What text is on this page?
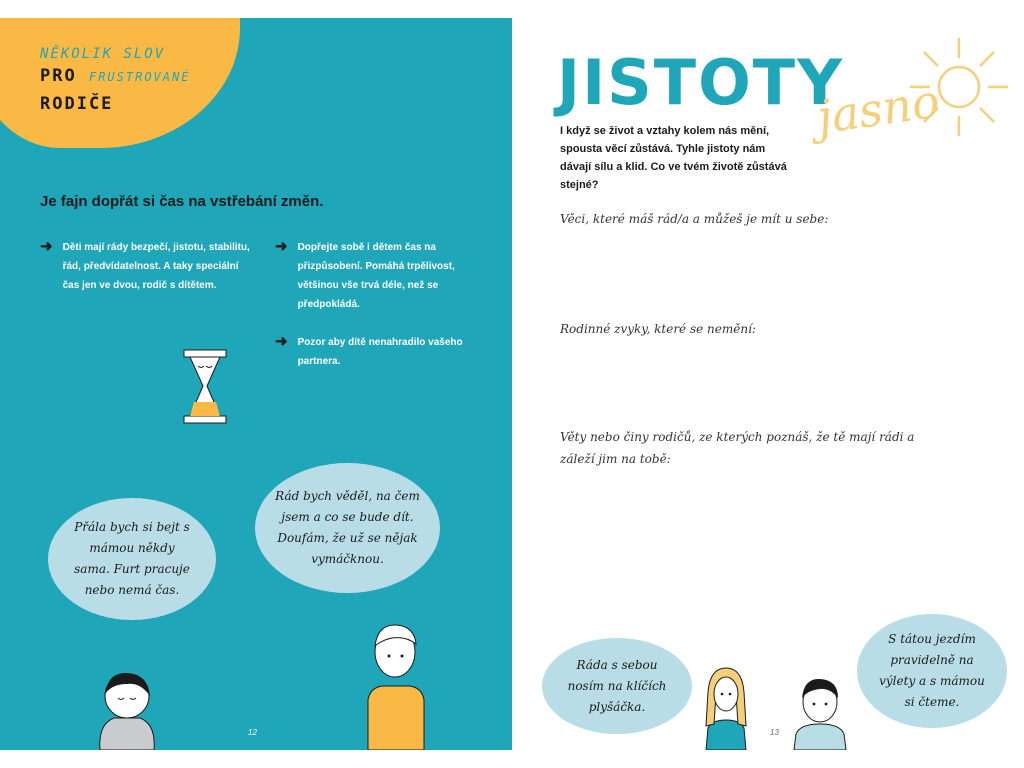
NĚKOLIK SLOV
PRO FRUSTROVANÉ
RODIČE
Je fajn dopřát si čas na vstřebání změn.
➜ Děti mají rády bezpečí, jistotu, stabilitu, řád, předvídatelnost. A taky speciální čas jen ve dvou, rodič s dítětem.
➜ Dopřejte sobě i dětem čas na přizpůsobení. Pomáhá trpělivost, většinou vše trvá déle, než se předpokládá.
➜ Pozor aby dítě nenahradilo vašeho partnera.
Přála bych si bejt s mámou někdy sama. Furt pracuje nebo nemá čas.
Rád bych věděl, na čem jsem a co se bude dít. Doufám, že už se nějak vymáčknou.
12
JISTOTY
jasno
I když se život a vztahy kolem nás mění, spousta věcí zůstává. Tyhle jistoty nám dávají sílu a klid. Co ve tvém životě zůstává stejné?
Věci, které máš rád/a a můžeš je mít u sebe:
Rodinné zvyky, které se nemění:
Věty nebo činy rodičů, ze kterých poznáš, že tě mají rádi a záleží jim na tobě:
Ráda s sebou nosím na klíčích plyšáčka.
S tátou jezdím pravidelně na výlety a s mámou si čteme.
13
